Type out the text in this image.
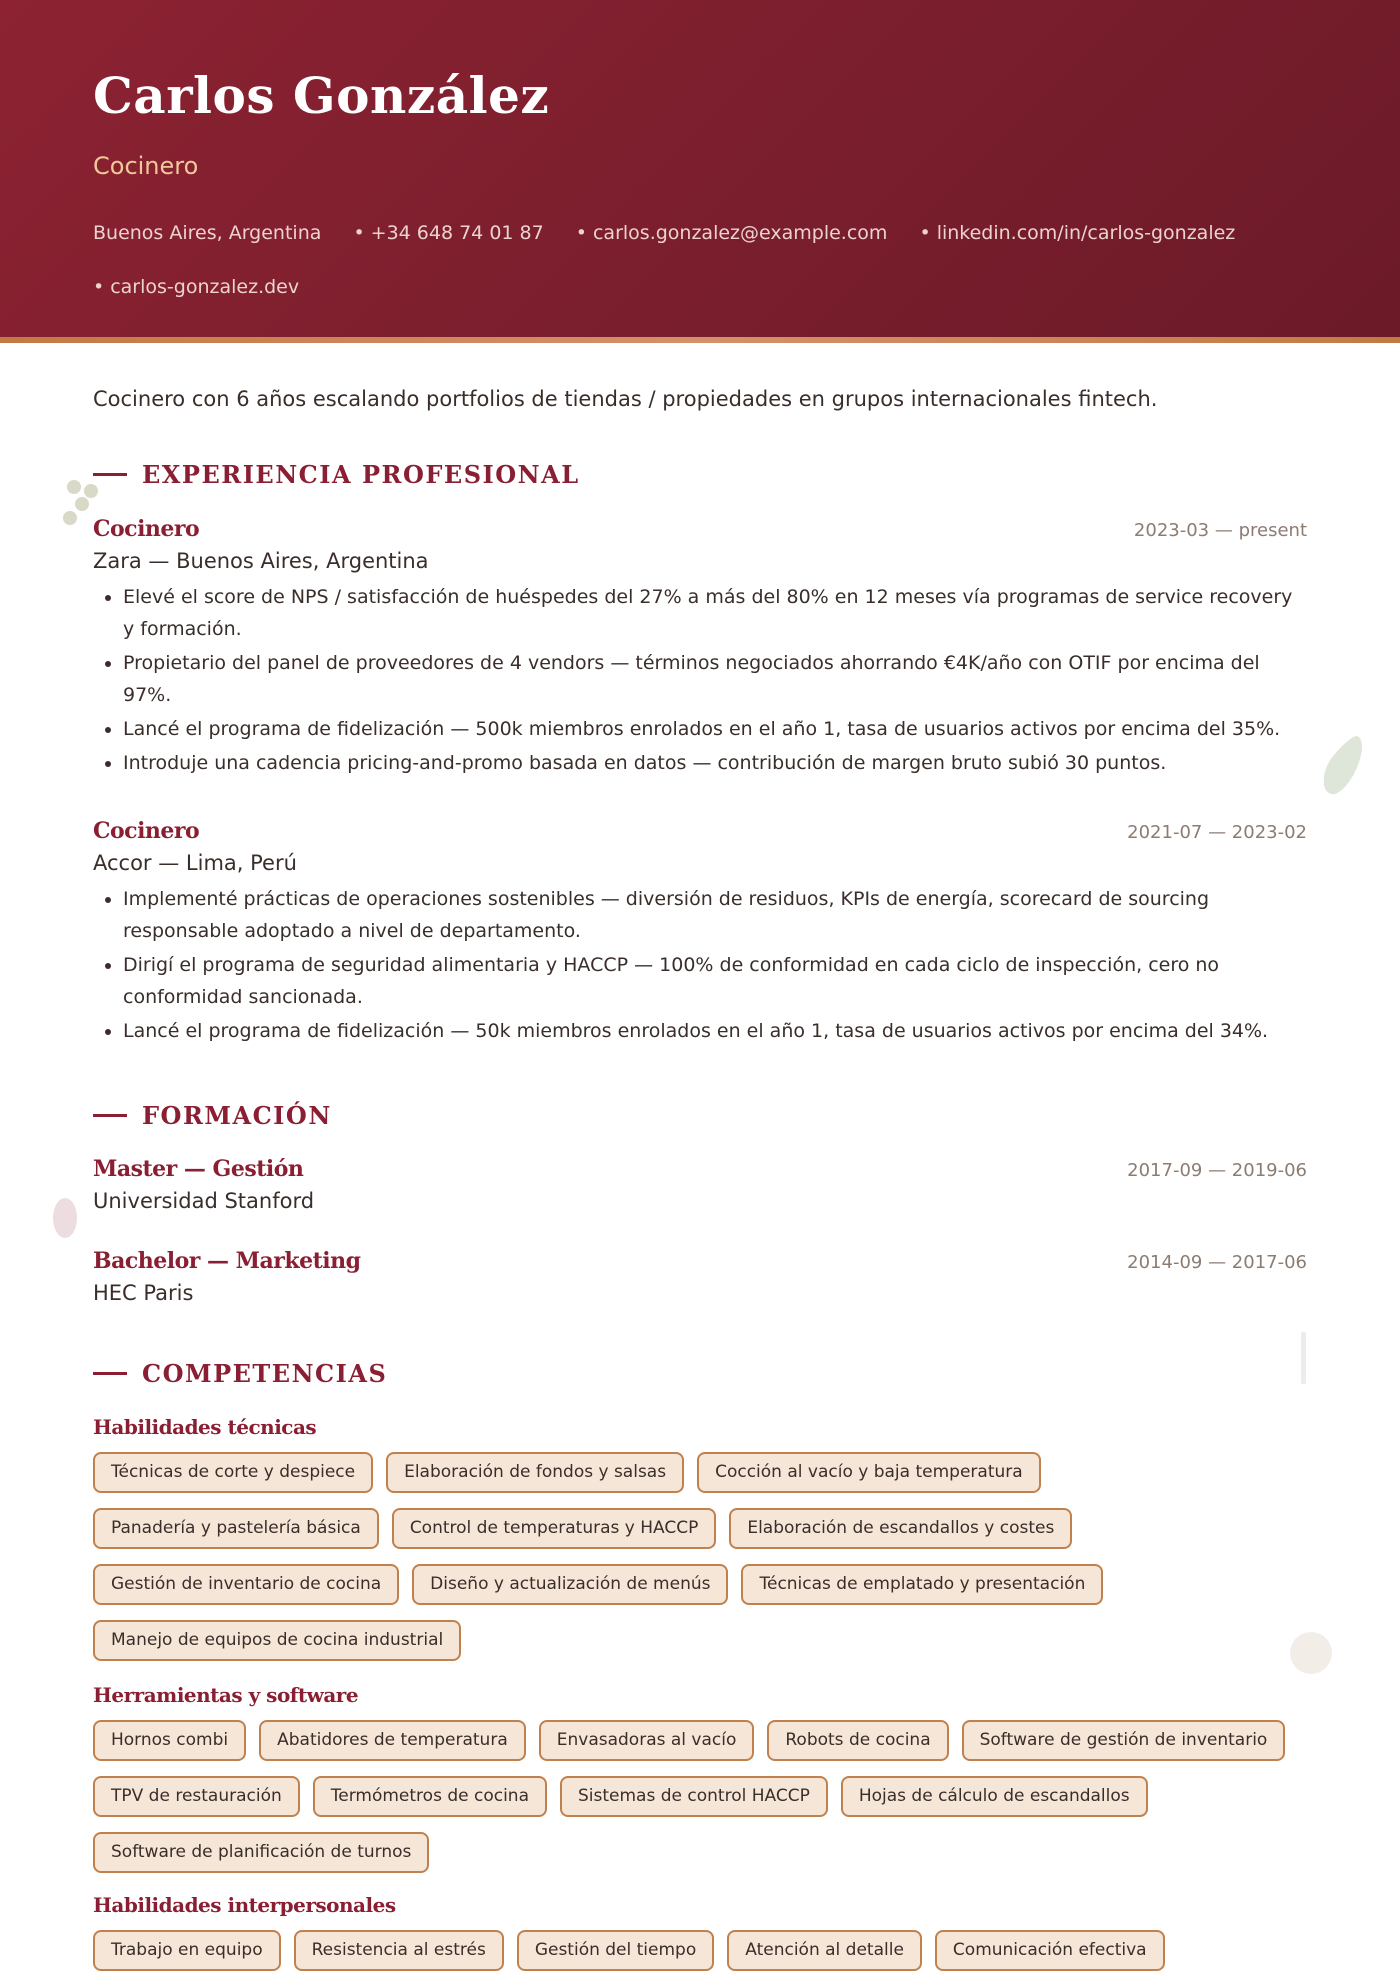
Carlos González

Cocinero

Buenos Aires, Argentina	• +34 648 74 01 87	• carlos.gonzalez@example.com	• linkedin.com/in/carlos-gonzalez • carlos-gonzalez.dev

Cocinero con 6 años escalando portfolios de tiendas / propiedades en grupos internacionales fintech.

EXPERIENCIA PROFESIONAL
Cocinero	2023-03 — present
Zara — Buenos Aires, Argentina
• Elevé el score de NPS / satisfacción de huéspedes del 27% a más del 80% en 12 meses vía programas de service recovery y formación.
• Propietario del panel de proveedores de 4 vendors — términos negociados ahorrando €4K/año con OTIF por encima del 97%.
• Lancé el programa de fidelización — 500k miembros enrolados en el año 1, tasa de usuarios activos por encima del 35%.
• Introduje una cadencia pricing-and-promo basada en datos — contribución de margen bruto subió 30 puntos.
Cocinero	2021-07 — 2023-02
Accor — Lima, Perú
• Implementé prácticas de operaciones sostenibles — diversión de residuos, KPIs de energía, scorecard de sourcing responsable adoptado a nivel de departamento.
• Dirigí el programa de seguridad alimentaria y HACCP — 100% de conformidad en cada ciclo de inspección, cero no conformidad sancionada.
• Lancé el programa de fidelización — 50k miembros enrolados en el año 1, tasa de usuarios activos por encima del 34%.
FORMACIÓN
Master — Gestión	2017-09 — 2019-06
Universidad Stanford
Bachelor — Marketing	2014-09 — 2017-06
HEC Paris
COMPETENCIAS
Habilidades técnicas
Técnicas de corte y despiece	Elaboración de fondos y salsas	Cocción al vacío y baja temperatura
Panadería y pastelería básica	Control de temperaturas y HACCP	Elaboración de escandallos y costes
Gestión de inventario de cocina	Diseño y actualización de menús	Técnicas de emplatado y presentación
Manejo de equipos de cocina industrial
Herramientas y software
Hornos combi	Abatidores de temperatura	Envasadoras al vacío	Robots de cocina	Software de gestión de inventario
TPV de restauración	Termómetros de cocina	Sistemas de control HACCP	Hojas de cálculo de escandallos
Software de planificación de turnos
Habilidades interpersonales
Trabajo en equipo	Resistencia al estrés	Gestión del tiempo	Atención al detalle	Comunicación efectiva
